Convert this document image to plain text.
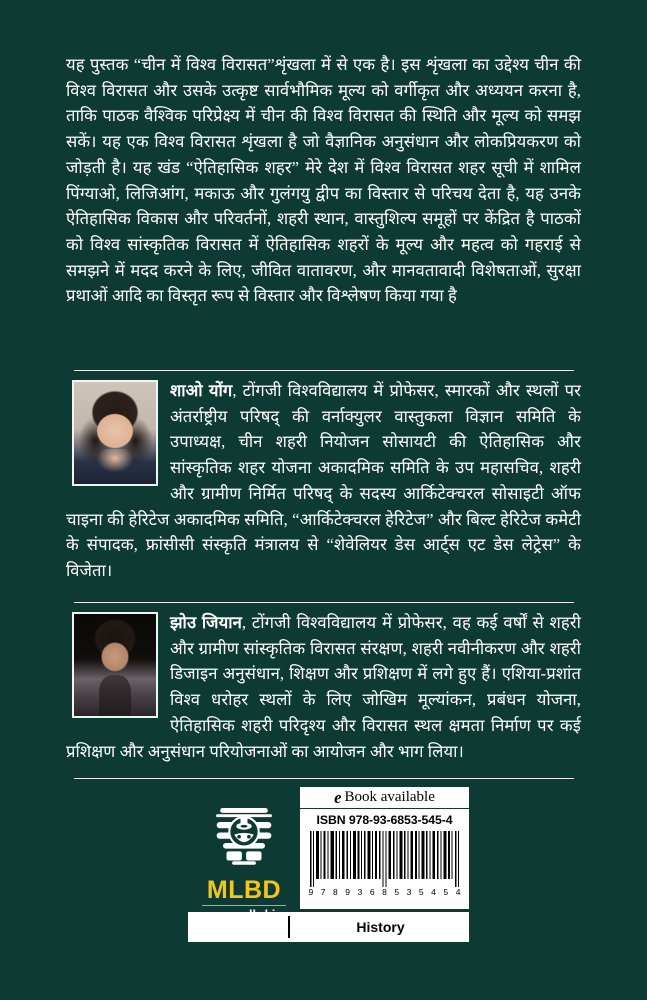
यह पुस्तक “चीन में विश्व विरासत”शृंखला में से एक है। इस शृंखला का उद्देश्य चीन की विश्व विरासत और उसके उत्कृष्ट सार्वभौमिक मूल्य को वर्गीकृत और अध्ययन करना है, ताकि पाठक वैश्विक परिप्रेक्ष्य में चीन की विश्व विरासत की स्थिति और मूल्य को समझ सकें। यह एक विश्व विरासत शृंखला है जो वैज्ञानिक अनुसंधान और लोकप्रियकरण को जोड़ती है। यह खंड “ऐतिहासिक शहर” मेरे देश में विश्व विरासत शहर सूची में शामिल पिंग्याओ, लिजिआंग, मकाऊ और गुलंगयु द्वीप का विस्तार से परिचय देता है, यह उनके ऐतिहासिक विकास और परिवर्तनों, शहरी स्थान, वास्तुशिल्प समूहों पर केंद्रित है पाठकों को विश्व सांस्कृतिक विरासत में ऐतिहासिक शहरों के मूल्य और महत्व को गहराई से समझने में मदद करने के लिए, जीवित वातावरण, और मानवतावादी विशेषताओं, सुरक्षा प्रथाओं आदि का विस्तृत रूप से विस्तार और विश्लेषण किया गया है
शाओ योंग, टोंगजी विश्वविद्यालय में प्रोफेसर, स्मारकों और स्थलों पर अंतर्राष्ट्रीय परिषद् की वर्नाक्युलर वास्तुकला विज्ञान समिति के उपाध्यक्ष, चीन शहरी नियोजन सोसायटी की ऐतिहासिक और सांस्कृतिक शहर योजना अकादमिक समिति के उप महासचिव, शहरी और ग्रामीण निर्मित परिषद् के सदस्य आर्किटेक्चरल सोसाइटी ऑफ चाइना की हेरिटेज अकादमिक समिति, “आर्किटेक्चरल हेरिटेज” और बिल्ट हेरिटेज कमेटी के संपादक, फ्रांसीसी संस्कृति मंत्रालय से “शेवेलियर डेस आर्ट्स एट डेस लेट्रेस” के विजेता।
झोउ जियान, टोंगजी विश्वविद्यालय में प्रोफेसर, वह कई वर्षों से शहरी और ग्रामीण सांस्कृतिक विरासत संरक्षण, शहरी नवीनीकरण और शहरी डिजाइन अनुसंधान, शिक्षण और प्रशिक्षण में लगे हुए हैं। एशिया-प्रशांत विश्व धरोहर स्थलों के लिए जोखिम मूल्यांकन, प्रबंधन योजना, ऐतिहासिक शहरी परिदृश्य और विरासत स्थल क्षमता निर्माण पर कई प्रशिक्षण और अनुसंधान परियोजनाओं का आयोजन और भाग लिया।
MLBD
e Book available
ISBN 978-93-6853-545-4
9 7 8 9 3 6 8 5 3 5 4 5 4
History
